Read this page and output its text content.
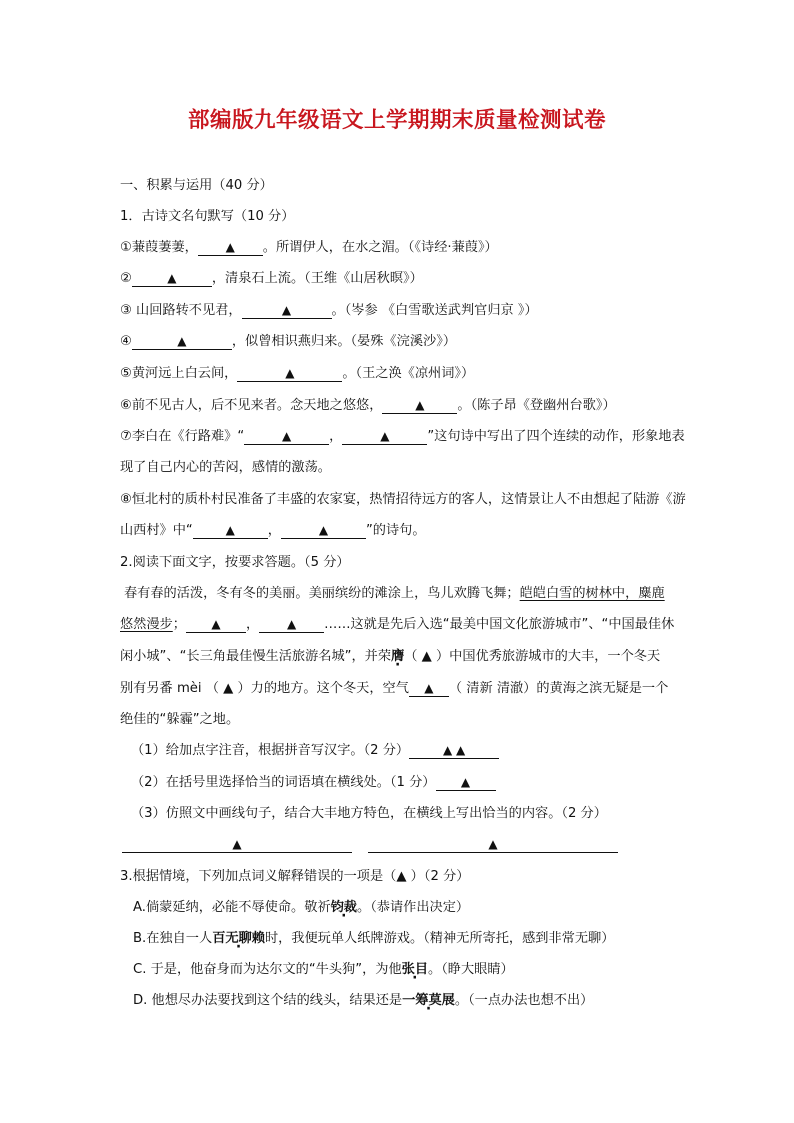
部编版九年级语文上学期期末质量检测试卷
一、积累与运用（40 分）
1．古诗文名句默写（10 分）
①蒹葭萋萋， ▲ 。所谓伊人，在水之湄。（《诗经·蒹葭》）
②	▲	，清泉石上流。（王维《山居秋暝》）
③ 山回路转不见君，	▲	。（岑参 《白雪歌送武判官归京 》）
④	▲	，似曾相识燕归来。（晏殊《浣溪沙》）
⑤黄河远上白云间，	▲	。（王之涣《凉州词》）
⑥前不见古人，后不见来者。念天地之悠悠，	▲ 。（陈子昂《登幽州台歌》）
⑦李白在《行路难》“	▲	，	▲	”这句诗中写出了四个连续的动作，形象地表
现了自己内心的苦闷，感情的激荡。
⑧恒北村的质朴村民准备了丰盛的农家宴，热情招待远方的客人，这情景让人不由想起了陆游《游
山西村》中“	▲ ，	▲	”的诗句。
2.阅读下面文字，按要求答题。（5 分）
春有春的活泼，冬有冬的美丽。美丽缤纷的滩涂上，鸟儿欢腾飞舞；皑皑白雪的树林中，麋鹿
悠然漫步； ▲ ， ▲ ……这就是先后入选“最美中国文化旅游城市”、“中国最佳休
闲小城”、“长三角最佳慢生活旅游名城”，并荣膺（ ▲ ）中国优秀旅游城市的大丰，一个冬天
别有另番 mèi （ ▲ ）力的地方。这个冬天，空气 ▲ （ 清新 清澈）的黄海之滨无疑是一个
绝佳的“躲霾”之地。
（1）给加点字注音，根据拼音写汉字。（2 分）	▲ ▲
（2）在括号里选择恰当的词语填在横线处。（1 分） ▲
（3）仿照文中画线句子，结合大丰地方特色，在横线上写出恰当的内容。（2 分）
▲	▲
3.根据情境，下列加点词义解释错误的一项是（▲ ）（2 分）
A.倘蒙延纳，必能不辱使命。敬祈钧裁。（恭请作出决定）
B.在独自一人百无聊赖时，我便玩单人纸牌游戏。（精神无所寄托，感到非常无聊）
C. 于是，他奋身而为达尔文的“牛头狗”，为他张目。（睁大眼睛）
D. 他想尽办法要找到这个结的线头，结果还是一筹莫展。（一点办法也想不出）
